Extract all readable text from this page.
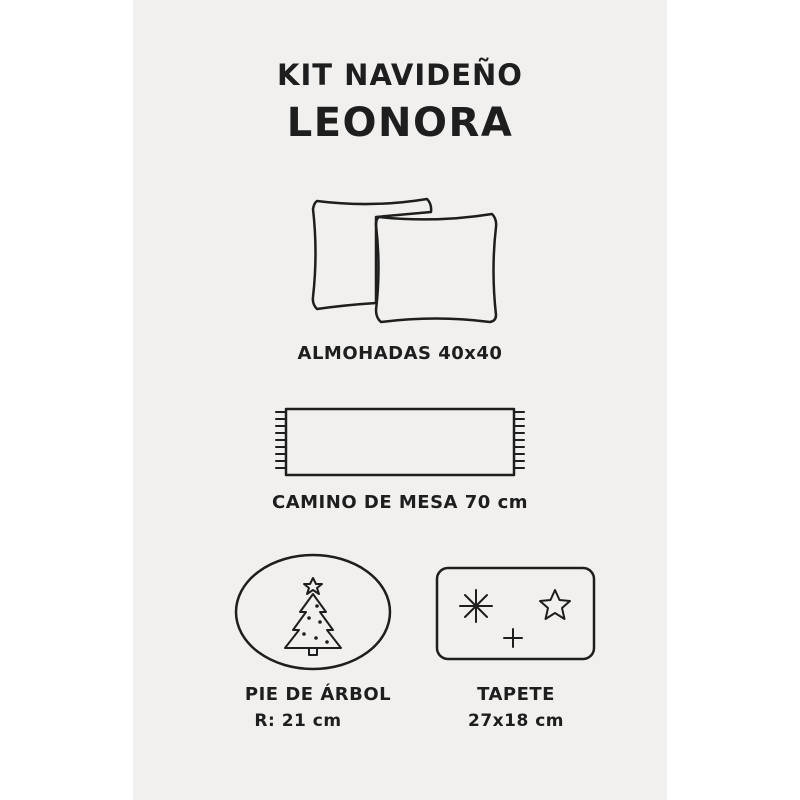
KIT NAVIDEÑO

LEONORA

ALMOHADAS 40x40

CAMINO DE MESA 70 cm

PIE DE ÁRBOL

R: 21 cm

TAPETE

27x18 cm
